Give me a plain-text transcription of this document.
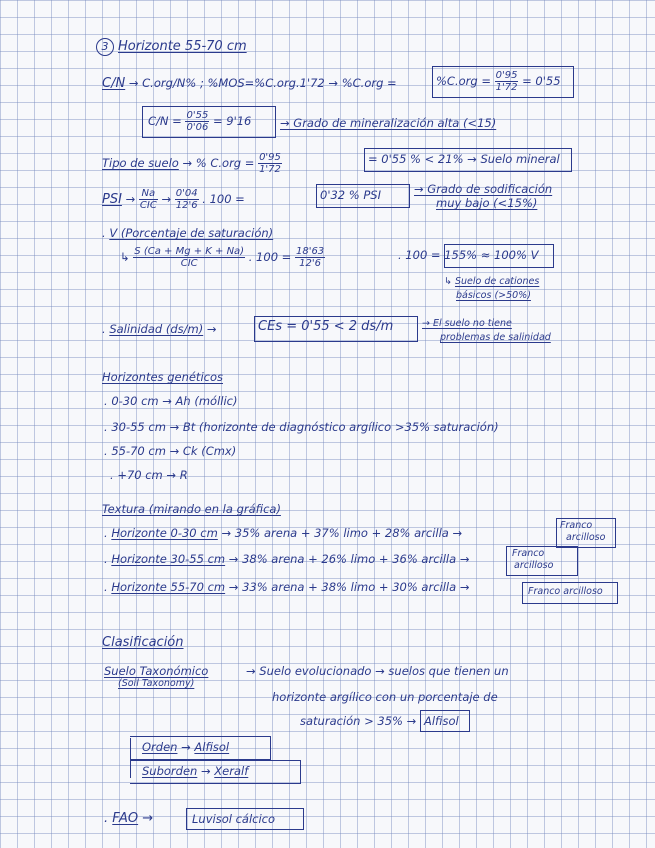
3 Horizonte 55-70 cm
C/N → C.org/N% ; %MOS=%C.org.1'72 → %C.org =	$\%C.org = \frac{0'95}{1'72} = 0'55$
$C/N = \frac{0'55}{0'06} = 9'16$ → Grado de mineralización alta (<15)
Tipo de suelo → % $C.org = \frac{0'95}{1'72}$	= 0'55 % < 21% → Suelo mineral
PSI → $\frac{Na}{\text{CIC}} \to \frac{0'04}{12'6}$ . 100 =	0'32 % PSI	→ Grado de sodificación
muy bajo (<15%)
. V (Porcentaje de saturación)
↳ $\frac{S (Ca + Mg + K + Na)}{\text{CIC}}$ . $100 = \frac{18'63}{12'6}$	. 100 = 155% ≈ 100% V
↳ Suelo de cationes
básicos (>50%)
. Salinidad (ds/m) →	CEs = 0'55 < 2 ds/m	→ El suelo no tiene
problemas de salinidad
Horizontes genéticos
. 0-30 cm → Ah (móllic)
. 30-55 cm → Bt (horizonte de diagnóstico argílico >35% saturación)
. 55-70 cm → Ck (Cmx)
. +70 cm → R
Textura (mirando en la gráfica)
. Horizonte 0-30 cm → 35% arena + 37% limo + 28% arcilla →
Franco
arcilloso
. Horizonte 30-55 cm → 38% arena + 26% limo + 36% arcilla →	Franco
arcilloso
. Horizonte 55-70 cm → 33% arena + 38% limo + 30% arcilla →	Franco arcilloso
Clasificación
Suelo Taxonómico
(Soil Taxonomy)
→ Suelo evolucionado → suelos que tienen un
horizonte argílico con un porcentaje de
saturación > 35% → Alfisol
Orden → Alfisol
Suborden → Xeralf
. FAO →	Luvisol cálcico
